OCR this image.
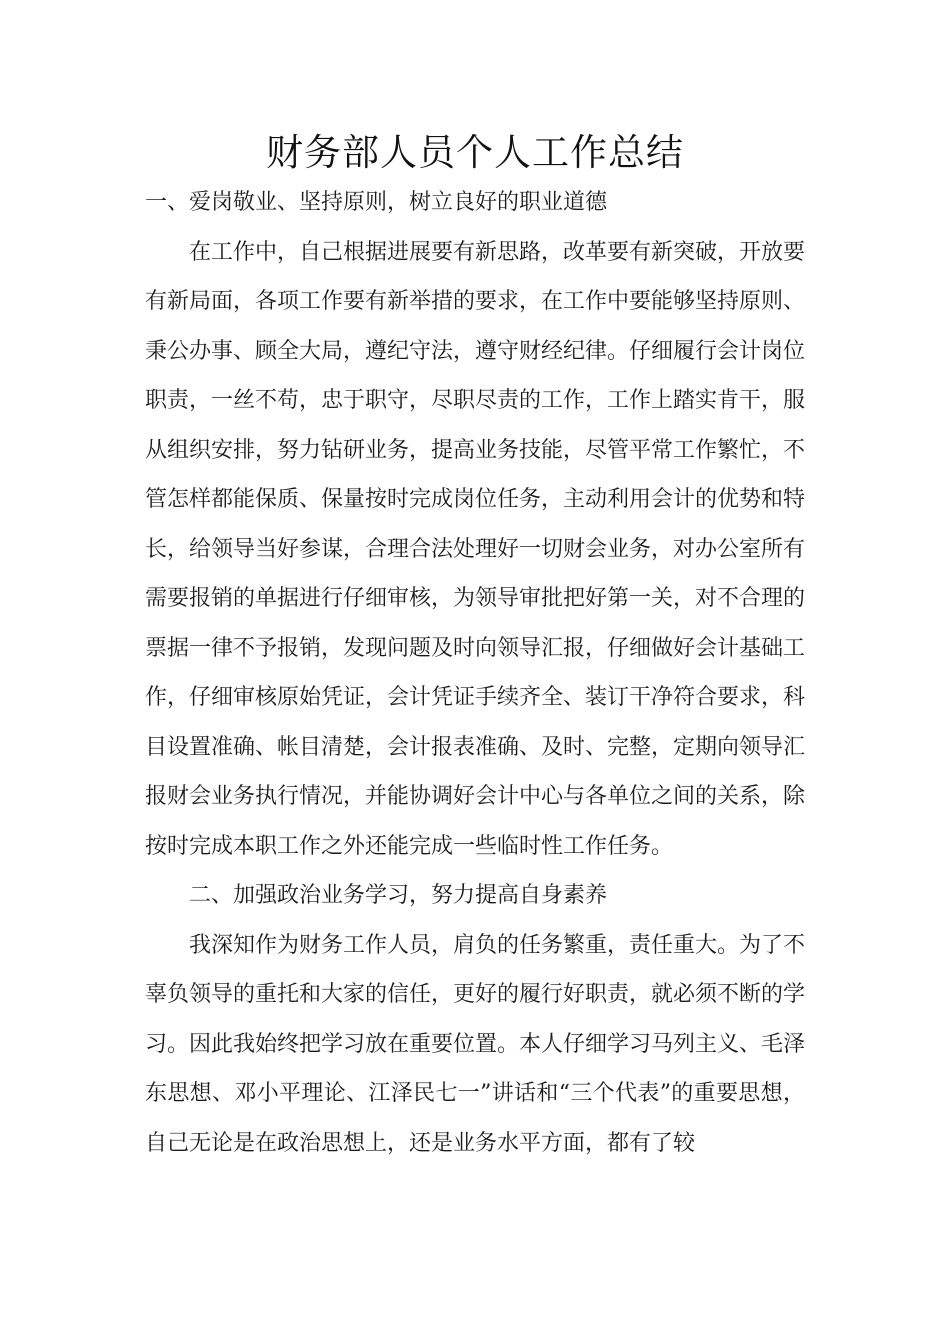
财务部人员个人工作总结

一、爱岗敬业、坚持原则，树立良好的职业道德

在工作中，自己根据进展要有新思路，改革要有新突破，开放要有新局面，各项工作要有新举措的要求，在工作中要能够坚持原则、秉公办事、顾全大局，遵纪守法，遵守财经纪律。仔细履行会计岗位职责，一丝不苟，忠于职守，尽职尽责的工作，工作上踏实肯干，服从组织安排，努力钻研业务，提高业务技能，尽管平常工作繁忙，不管怎样都能保质、保量按时完成岗位任务，主动利用会计的优势和特长，给领导当好参谋，合理合法处理好一切财会业务，对办公室所有需要报销的单据进行仔细审核，为领导审批把好第一关，对不合理的票据一律不予报销，发现问题及时向领导汇报，仔细做好会计基础工作，仔细审核原始凭证，会计凭证手续齐全、装订干净符合要求，科目设置准确、帐目清楚，会计报表准确、及时、完整，定期向领导汇报财会业务执行情况，并能协调好会计中心与各单位之间的关系，除按时完成本职工作之外还能完成一些临时性工作任务。

二、加强政治业务学习，努力提高自身素养

我深知作为财务工作人员，肩负的任务繁重，责任重大。为了不辜负领导的重托和大家的信任，更好的履行好职责，就必须不断的学习。因此我始终把学习放在重要位置。本人仔细学习马列主义、毛泽东思想、邓小平理论、江泽民七一”讲话和“三个代表”的重要思想，自己无论是在政治思想上，还是业务水平方面，都有了较
